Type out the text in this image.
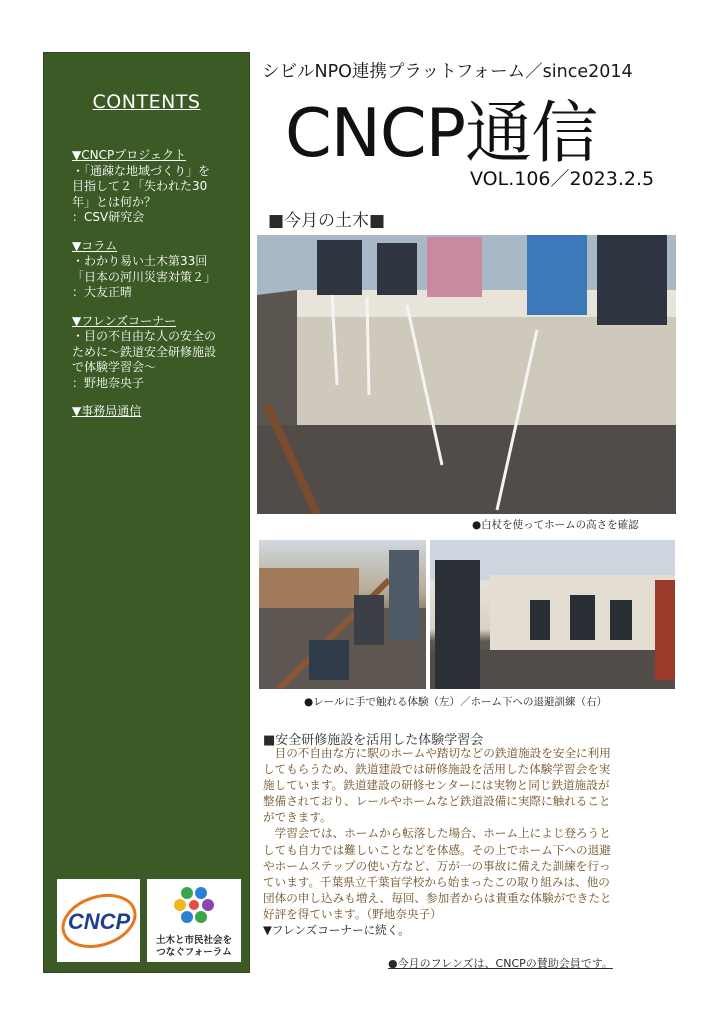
CONTENTS
▼CNCPプロジェクト
・「通疎な地域づくり」を
目指して２「失われた30
年」とは何か？
：CSV研究会
▼コラム
・わかり易い土木第33回
「日本の河川災害対策２」
：大友正晴
▼フレンズコーナー
・目の不自由な人の安全の
ために～鉄道安全研修施設
で体験学習会～
：野地奈央子
▼事務局通信
CNCP
土木と市民社会を
つなぐフォーラム
シビルNPO連携プラットフォーム／since2014
CNCP通信
VOL.106／2023.2.5
■今月の土木■
●白杖を使ってホームの高さを確認
●レールに手で触れる体験（左）／ホーム下への退避訓練（右）
■安全研修施設を活用した体験学習会

　目の不自由な方に駅のホームや踏切などの鉄道施設を安全に利用

してもらうため、鉄道建設では研修施設を活用した体験学習会を実

施しています。鉄道建設の研修センターには実物と同じ鉄道施設が

整備されており、レールやホームなど鉄道設備に実際に触れること

ができます。

　学習会では、ホームから転落した場合、ホーム上によじ登ろうと

しても自力では難しいことなどを体感。その上でホーム下への退避

やホームステップの使い方など、万が一の事故に備えた訓練を行っ

ています。千葉県立千葉盲学校から始まったこの取り組みは、他の

団体の申し込みも増え、毎回、参加者からは貴重な体験ができたと

好評を得ています。（野地奈央子）

▼フレンズコーナーに続く。

●今月のフレンズは、CNCPの賛助会員です。
